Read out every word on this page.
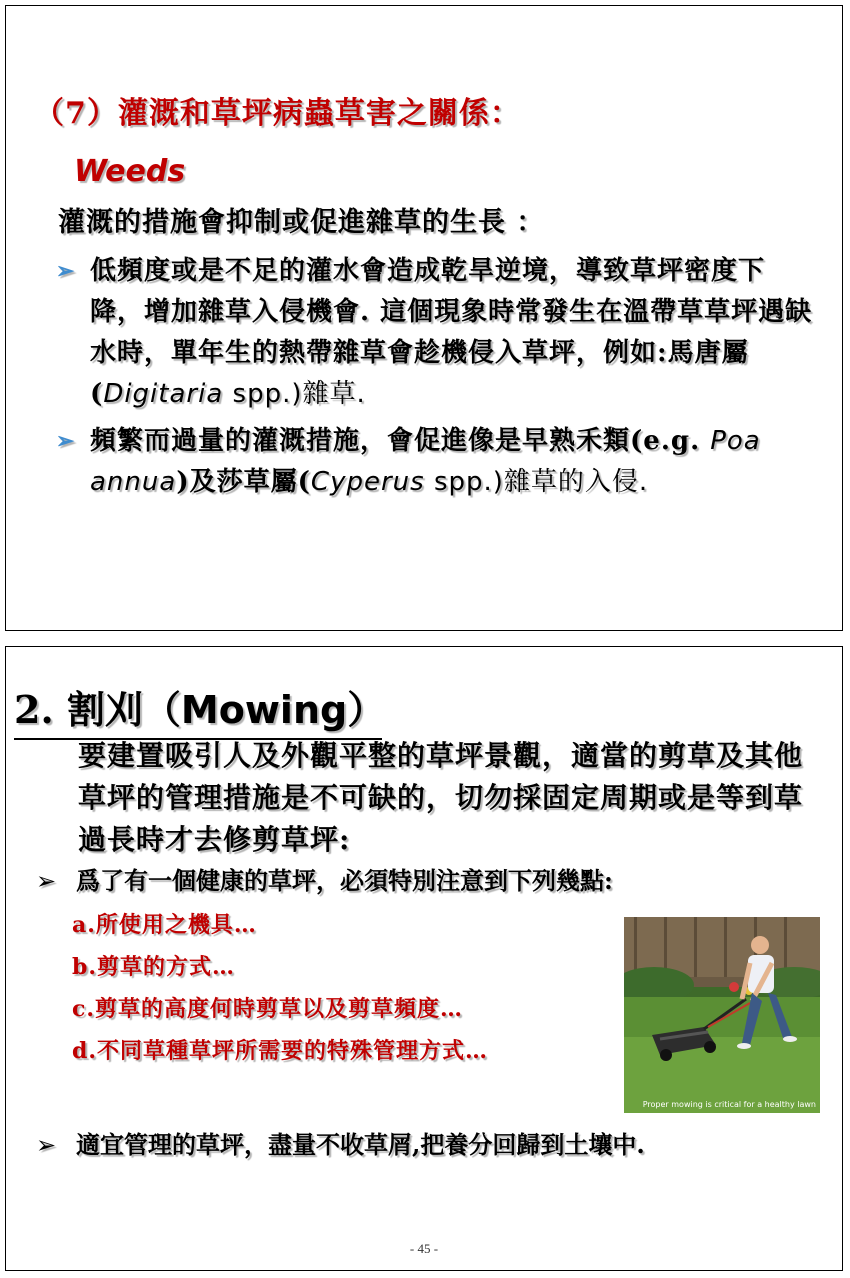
（7）灌溉和草坪病蟲草害之關係：
Weeds
灌溉的措施會抑制或促進雜草的生長 ：
➢ 低頻度或是不足的灌水會造成乾旱逆境，導致草坪密度下降，增加雜草入侵機會. 這個現象時常發生在溫帶草草坪遇缺水時，單年生的熱帶雜草會趁機侵入草坪，例如:馬唐屬(Digitaria spp.)雜草.
➢ 頻繁而過量的灌溉措施，會促進像是早熟禾類(e.g. Poa annua)及莎草屬(Cyperus spp.)雜草的入侵.
2. 割刈（Mowing）
要建置吸引人及外觀平整的草坪景觀，適當的剪草及其他草坪的管理措施是不可缺的，切勿採固定周期或是等到草過長時才去修剪草坪:
➢ 爲了有一個健康的草坪，必須特別注意到下列幾點:
a.所使用之機具…
b.剪草的方式…
c.剪草的高度何時剪草以及剪草頻度…
d.不同草種草坪所需要的特殊管理方式…
Proper mowing is critical for a healthy lawn
➢ 適宜管理的草坪，盡量不收草屑,把養分回歸到土壤中.
- 45 -
